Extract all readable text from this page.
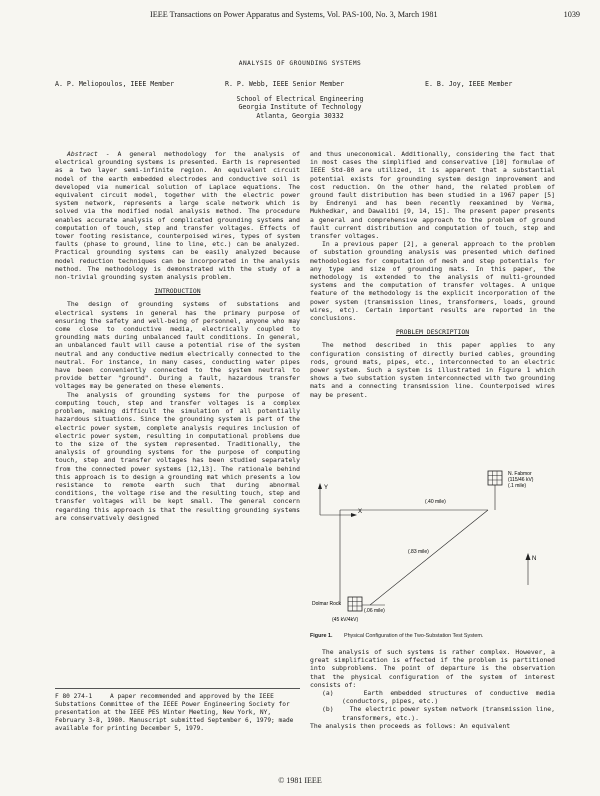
IEEE Transactions on Power Apparatus and Systems, Vol. PAS-100, No. 3, March 1981	1039
ANALYSIS OF GROUNDING SYSTEMS
A. P. Meliopoulos, IEEE Member	R. P. Webb, IEEE Senior Member	E. B. Joy, IEEE Member
School of Electrical Engineering
Georgia Institute of Technology
Atlanta, Georgia 30332

Abstract - A general methodology for the analysis of electrical grounding systems is presented. Earth is represented as a two layer semi-infinite region. An equivalent circuit model of the earth embedded electrodes and conductive soil is developed via numerical solution of Laplace equations. The equivalent circuit model, together with the electric power system network, represents a large scale network which is solved via the modified nodal analysis method. The procedure enables accurate analysis of complicated grounding systems and computation of touch, step and transfer voltages. Effects of tower footing resistance, counterpoised wires, types of system faults (phase to ground, line to line, etc.) can be analyzed. Practical grounding systems can be easily analyzed because model reduction techniques can be incorporated in the analysis method. The methodology is demonstrated with the study of a non-trivial grounding system analysis problem.

INTRODUCTION

The design of grounding systems of substations and electrical systems in general has the primary purpose of ensuring the safety and well-being of personnel, anyone who may come close to conductive media, electrically coupled to grounding mats during unbalanced fault conditions. In general, an unbalanced fault will cause a potential rise of the system neutral and any conductive medium electrically connected to the neutral. For instance, in many cases, conducting water pipes have been conveniently connected to the system neutral to provide better "ground". During a fault, hazardous transfer voltages may be generated on these elements.

The analysis of grounding systems for the purpose of computing touch, step and transfer voltages is a complex problem, making difficult the simulation of all potentially hazardous situations. Since the grounding system is part of the electric power system, complete analysis requires inclusion of electric power system, resulting in computational problems due to the size of the system represented. Traditionally, the analysis of grounding systems for the purpose of computing touch, step and transfer voltages has been studied separately from the connected power systems [12,13]. The rationale behind this approach is to design a grounding mat which presents a low resistance to remote earth such that during abnormal conditions, the voltage rise and the resulting touch, step and transfer voltages will be kept small. The general concern regarding this approach is that the resulting grounding systems are conservatively designed

and thus uneconomical. Additionally, considering the fact that in most cases the simplified and conservative [10] formulae of IEEE Std-80 are utilized, it is apparent that a substantial potential exists for grounding system design improvement and cost reduction. On the other hand, the related problem of ground fault distribution has been studied in a 1967 paper [5] by Endrenyi and has been recently reexamined by Verma, Mukhedkar, and Dawalibi [9, 14, 15]. The present paper presents a general and comprehensive approach to the problem of ground fault current distribution and computation of touch, step and transfer voltages.

In a previous paper [2], a general approach to the problem of substation grounding analysis was presented which defined methodologies for computation of mesh and step potentials for any type and size of grounding mats. In this paper, the methodology is extended to the analysis of multi-grounded systems and the computation of transfer voltages. A unique feature of the methodology is the explicit incorporation of the power system (transmission lines, transformers, loads, ground wires, etc). Certain important results are reported in the conclusions.

PROBLEM DESCRIPTION

The method described in this paper applies to any configuration consisting of directly buried cables, grounding rods, ground mats, pipes, etc., interconnected to an electric power system. Such a system is illustrated in Figure 1 which shows a two substation system interconnected with two grounding mats and a connecting transmission line. Counterpoised wires may be present.

N. Fabmor
(115/46 kV)
(.1 mile)
(.40 mile)
X
Y
(.83 mile)
(.06 mile)
Dolmar Rock
(45 kV/4kV)
N
Figure 1. Physical Configuration of the Two-Substation Test System.

The analysis of such systems is rather complex. However, a great simplification is effected if the problem is partitioned into subproblems. The point of departure is the observation that the physical configuration of the system of interest consists of:

(a)	Earth embedded structures of conductive media (conductors, pipes, etc.)

(b)	The electric power system network (transmission line, transformers, etc.).

The analysis then proceeds as follows: An equivalent

F 80 274-1	A paper recommended and approved by the IEEE Substations Committee of the IEEE Power Engineering Society for presentation at the IEEE PES Winter Meeting, New York, NY, February 3-8, 1980. Manuscript submitted September 6, 1979; made available for printing December 5, 1979.
© 1981 IEEE
